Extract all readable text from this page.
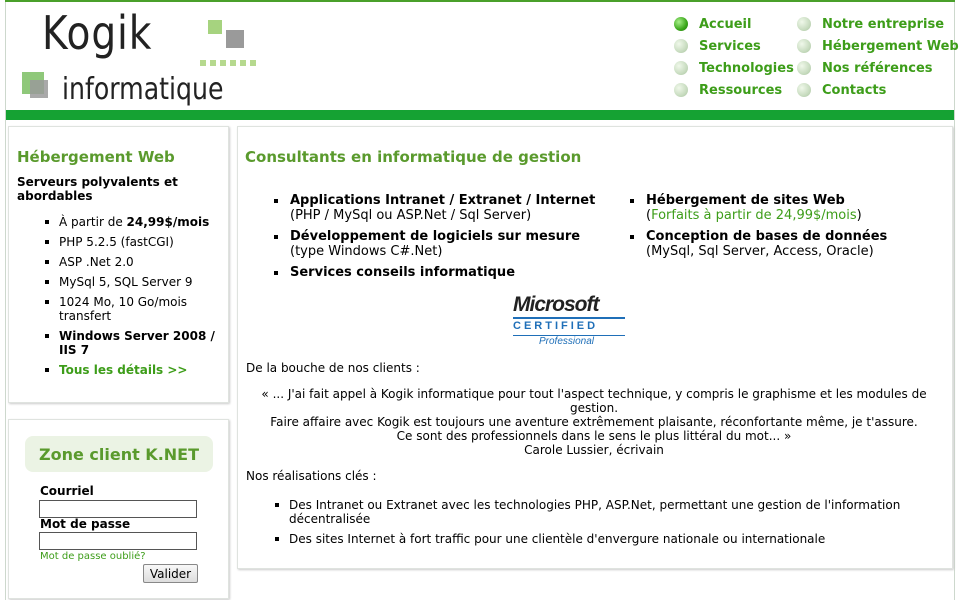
Kogik
informatique
Accueil
Services
Technologies
Ressources
Notre entreprise
Hébergement Web
Nos références
Contacts
Hébergement Web
Serveurs polyvalents et abordables
À partir de 24,99$/mois
PHP 5.2.5 (fastCGI)
ASP .Net 2.0
MySql 5, SQL Server 9
1024 Mo, 10 Go/mois transfert
Windows Server 2008 / IIS 7
Tous les détails >>
Zone client K.NET
Courriel
Mot de passe
Mot de passe oublié?
Valider
Consultants en informatique de gestion
Applications Intranet / Extranet / Internet
(PHP / MySql ou ASP.Net / Sql Server)
Développement de logiciels sur mesure
(type Windows C#.Net)
Services conseils informatique
Hébergement de sites Web
(Forfaits à partir de 24,99$/mois)
Conception de bases de données
(MySql, Sql Server, Access, Oracle)
Microsoft
CERTIFIED
Professional
De la bouche de nos clients :
« ... J'ai fait appel à Kogik informatique pour tout l'aspect technique, y compris le graphisme et les modules de gestion.
Faire affaire avec Kogik est toujours une aventure extrêmement plaisante, réconfortante même, je t'assure.
Ce sont des professionnels dans le sens le plus littéral du mot... »
Carole Lussier, écrivain
Nos réalisations clés :
Des Intranet ou Extranet avec les technologies PHP, ASP.Net, permettant une gestion de l'information décentralisée
Des sites Internet à fort traffic pour une clientèle d'envergure nationale ou internationale
